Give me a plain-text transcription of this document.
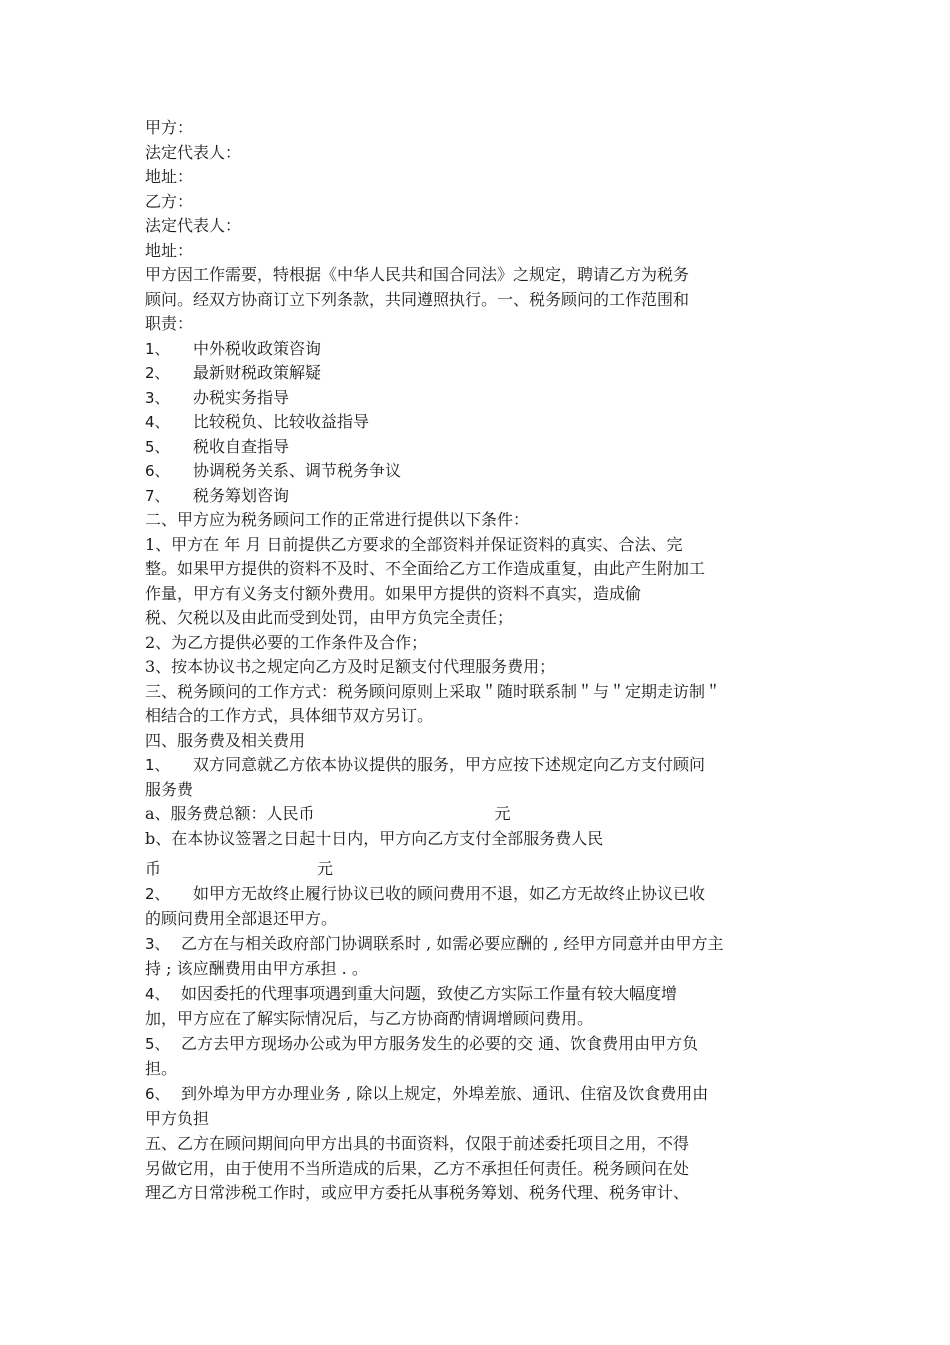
甲方：
法定代表人：
地址：
乙方：
法定代表人：
地址：
甲方因工作需要，特根据《中华人民共和国合同法》之规定，聘请乙方为税务
顾问。经双方协商订立下列条款，共同遵照执行。一、税务顾问的工作范围和
职责：
1、 中外税收政策咨询
2、 最新财税政策解疑
3、 办税实务指导
4、 比较税负、比较收益指导
5、 税收自查指导
6、 协调税务关系、调节税务争议
7、 税务筹划咨询
二、甲方应为税务顾问工作的正常进行提供以下条件：
1、甲方在 年 月 日前提供乙方要求的全部资料并保证资料的真实、合法、完
整。如果甲方提供的资料不及时、不全面给乙方工作造成重复，由此产生附加工
作量，甲方有义务支付额外费用。如果甲方提供的资料不真实，造成偷
税、欠税以及由此而受到处罚，由甲方负完全责任；
2、为乙方提供必要的工作条件及合作；
3、按本协议书之规定向乙方及时足额支付代理服务费用；
三、税务顾问的工作方式：税务顾问原则上采取＂随时联系制＂与＂定期走访制＂
相结合的工作方式，具体细节双方另订。
四、服务费及相关费用
1、 双方同意就乙方依本协议提供的服务，甲方应按下述规定向乙方支付顾问
服务费
a、服务费总额：人民币	元
b、在本协议签署之日起十日内，甲方向乙方支付全部服务费人民
币	元
2、 如甲方无故终止履行协议已收的顾问费用不退，如乙方无故终止协议已收
的顾问费用全部退还甲方。
3、 乙方在与相关政府部门协调联系时 , 如需必要应酬的 , 经甲方同意并由甲方主
持 ; 该应酬费用由甲方承担 . 。
4、 如因委托的代理事项遇到重大问题，致使乙方实际工作量有较大幅度增
加，甲方应在了解实际情况后，与乙方协商酌情调增顾问费用。
5、 乙方去甲方现场办公或为甲方服务发生的必要的交 通、饮食费用由甲方负
担。
6、 到外埠为甲方办理业务 , 除以上规定，外埠差旅、通讯、住宿及饮食费用由
甲方负担
五、乙方在顾问期间向甲方出具的书面资料，仅限于前述委托项目之用，不得
另做它用，由于使用不当所造成的后果，乙方不承担任何责任。税务顾问在处
理乙方日常涉税工作时，或应甲方委托从事税务筹划、税务代理、税务审计、
